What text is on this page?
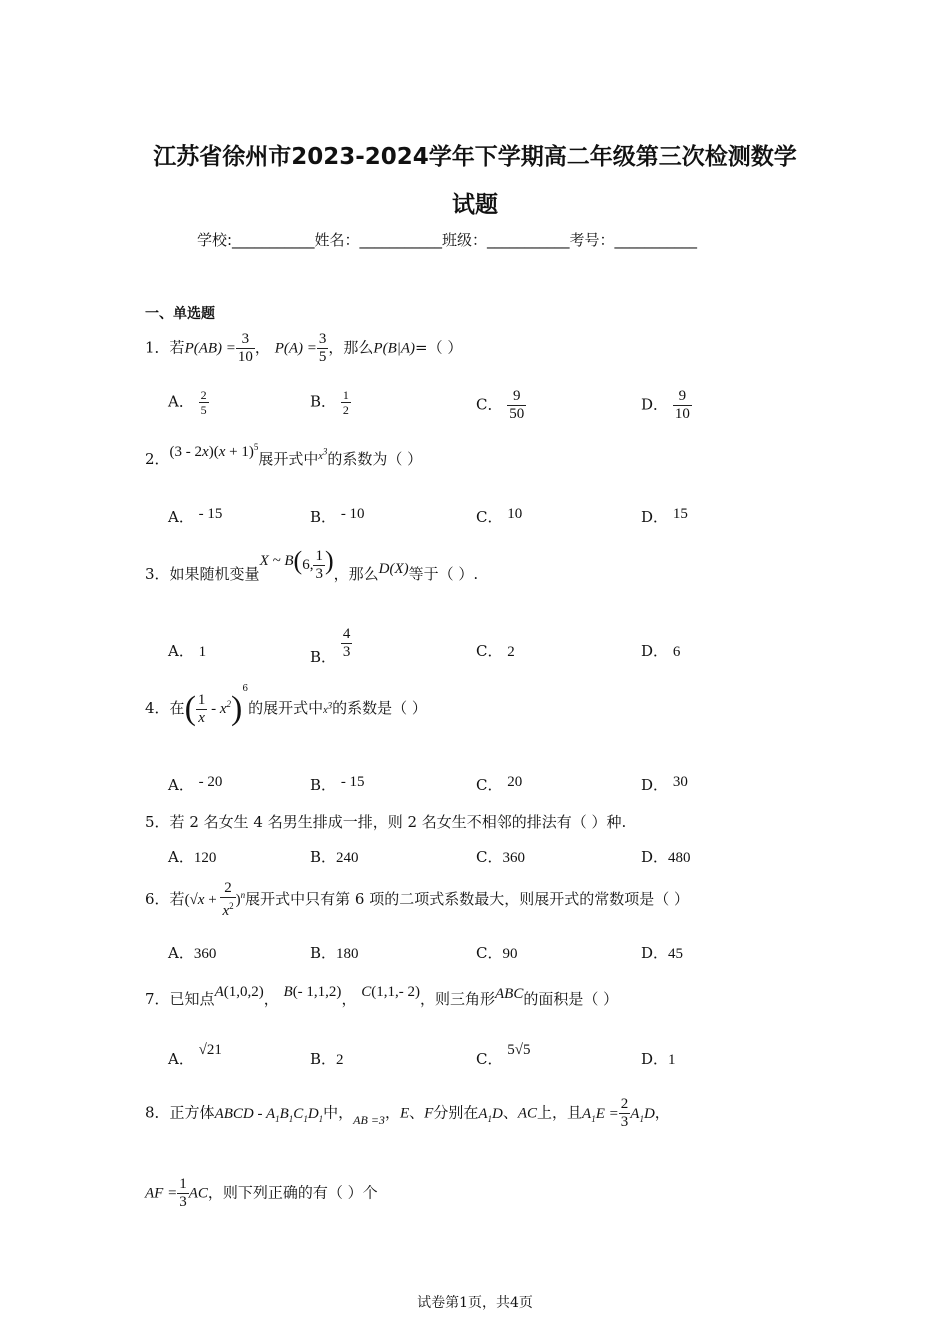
江苏省徐州市2023-2024学年下学期高二年级第三次检测数学
试题
学校:___________姓名：___________班级：___________考号：___________
一、单选题
1．若$P(AB) = \frac{3}{10}$ ， $P(A) = \frac{3}{5}$ ，那么P(B|A)=（ ）
A． $\frac{2}{5}$	B． $\frac{1}{2}$	C． $\frac{9}{50}$	D． $\frac{9}{10}$
2．$(3 - 2x)(x + 1)^5$展开式中$^{x^3}$的系数为（ ）
A． - 15	B． - 10	C． 10	D． 15
3．如果随机变量X ~ B(6, $\frac{1}{3}$ )，那么D(X)等于（ ）.
A． 1	B． $\frac{4}{3}$	C． 2	D． 6
4．在( $\frac{1}{x} - x^2)^6$的展开式中$x^3$的系数是（ ）
A． - 20	B． - 15	C． 20	D． 30
5．若 2 名女生 4 名男生排成一排，则 2 名女生不相邻的排法有（ ）种.
A．120	B．240	C．360	D．480
6．若$(√x + \frac{2}{x^2} )^n$展开式中只有第 6 项的二项式系数最大，则展开式的常数项是（ ）
A．360	B．180	C．90	D．45
7．已知点A(1,0,2)， B(- 1,1,2)， C(1,1,- 2)，则三角形ABC的面积是（ ）
A． √21	B．2	C． 5√5	D．1
8．正方体ABCD - $A_1B_1C_1D_1$中，$_{AB =3}$，E、F分别在$A_1D$、AC上，且$A_1E = \frac{2}{3} A_1D$，
AF = $\frac{1}{3}$ AC，则下列正确的有（ ）个
试卷第1页，共4页
